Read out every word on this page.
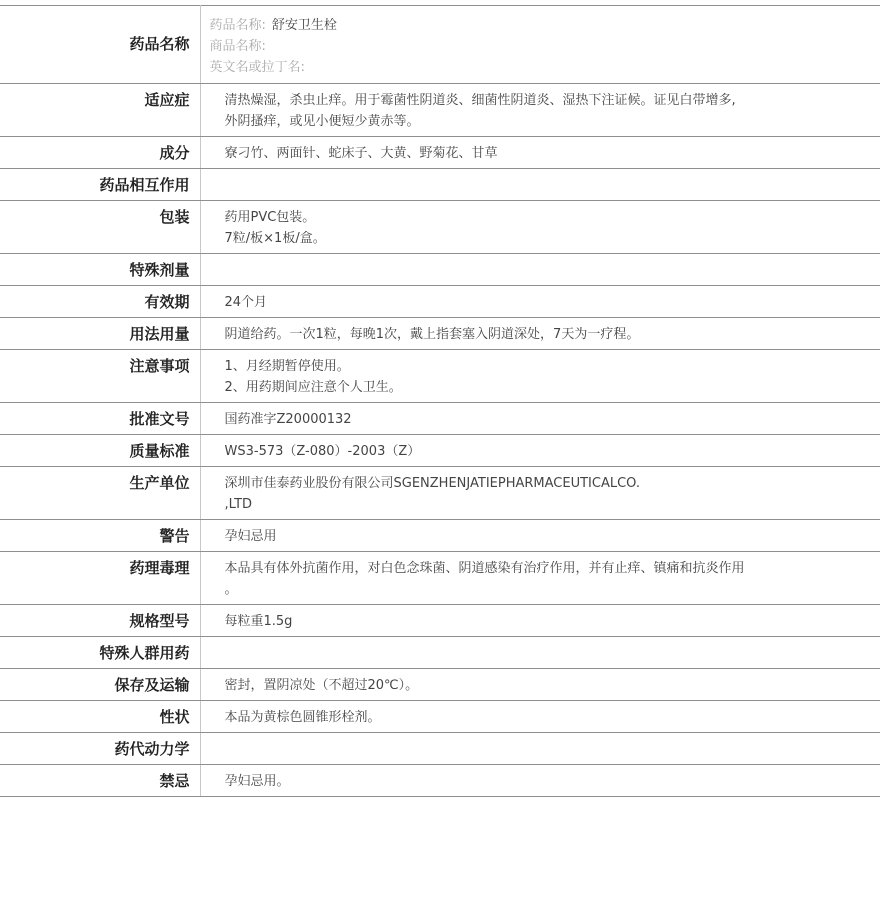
药品名称	药品名称: 舒安卫生栓
商品名称:
英文名或拉丁名:

适应症	清热燥湿，杀虫止痒。用于霉菌性阴道炎、细菌性阴道炎、湿热下注证候。证见白带增多,
外阴搔痒，或见小便短少黄赤等。

成分	寮刁竹、两面针、蛇床子、大黄、野菊花、甘草

药品相互作用	

包装	药用PVC包装。
7粒/板×1板/盒。

特殊剂量	

有效期	24个月

用法用量	阴道给药。一次1粒，每晚1次，戴上指套塞入阴道深处，7天为一疗程。

注意事项	1、月经期暂停使用。
2、用药期间应注意个人卫生。

批准文号	国药准字Z20000132

质量标准	WS3-573（Z-080）-2003（Z）

生产单位	深圳市佳泰药业股份有限公司SGENZHENJATIEPHARMACEUTICALCO.
,LTD

警告	孕妇忌用

药理毒理	本品具有体外抗菌作用，对白色念珠菌、阴道感染有治疗作用，并有止痒、镇痛和抗炎作用
。

规格型号	每粒重1.5g

特殊人群用药	

保存及运输	密封，置阴凉处（不超过20℃）。

性状	本品为黄棕色圆锥形栓剂。

药代动力学	

禁忌	孕妇忌用。
